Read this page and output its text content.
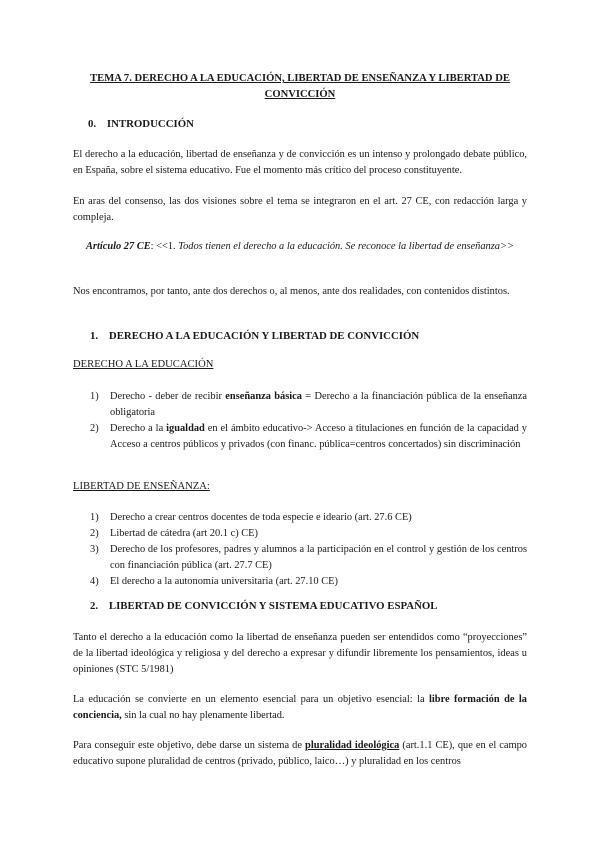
TEMA 7. DERECHO A LA EDUCACIÓN, LIBERTAD DE ENSEÑANZA Y LIBERTAD DE CONVICCIÓN
0. INTRODUCCIÓN
El derecho a la educación, libertad de enseñanza y de convicción es un intenso y prolongado debate público, en España, sobre el sistema educativo. Fue el momento más crítico del proceso constituyente.
En aras del consenso, las dos visiones sobre el tema se integraron en el art. 27 CE, con redacción larga y compleja.
Artículo 27 CE: <<1. Todos tienen el derecho a la educación. Se reconoce la libertad de enseñanza>>
Nos encontramos, por tanto, ante dos derechos o, al menos, ante dos realidades, con contenidos distintos.
1. DERECHO A LA EDUCACIÓN Y LIBERTAD DE CONVICCIÓN
DERECHO A LA EDUCACIÓN
1) Derecho - deber de recibir enseñanza básica = Derecho a la financiación pública de la enseñanza obligatoria
2) Derecho a la igualdad en el ámbito educativo-> Acceso a titulaciones en función de la capacidad y Acceso a centros públicos y privados (con financ. pública=centros concertados) sin discriminación
LIBERTAD DE ENSEÑANZA:
1) Derecho a crear centros docentes de toda especie e ideario (art. 27.6 CE)
2) Libertad de cátedra (art 20.1 c) CE)
3) Derecho de los profesores, padres y alumnos a la participación en el control y gestión de los centros con financiación pública (art. 27.7 CE)
4) El derecho a la autonomía universitaria (art. 27.10 CE)
2. LIBERTAD DE CONVICCIÓN Y SISTEMA EDUCATIVO ESPAÑOL
Tanto el derecho a la educación como la libertad de enseñanza pueden ser entendidos como “proyecciones” de la libertad ideológica y religiosa y del derecho a expresar y difundir libremente los pensamientos, ideas u opiniones (STC 5/1981)
La educación se convierte en un elemento esencial para un objetivo esencial: la libre formación de la conciencia, sin la cual no hay plenamente libertad.
Para conseguir este objetivo, debe darse un sistema de pluralidad ideológica (art.1.1 CE), que en el campo educativo supone pluralidad de centros (privado, público, laico…) y pluralidad en los centros
